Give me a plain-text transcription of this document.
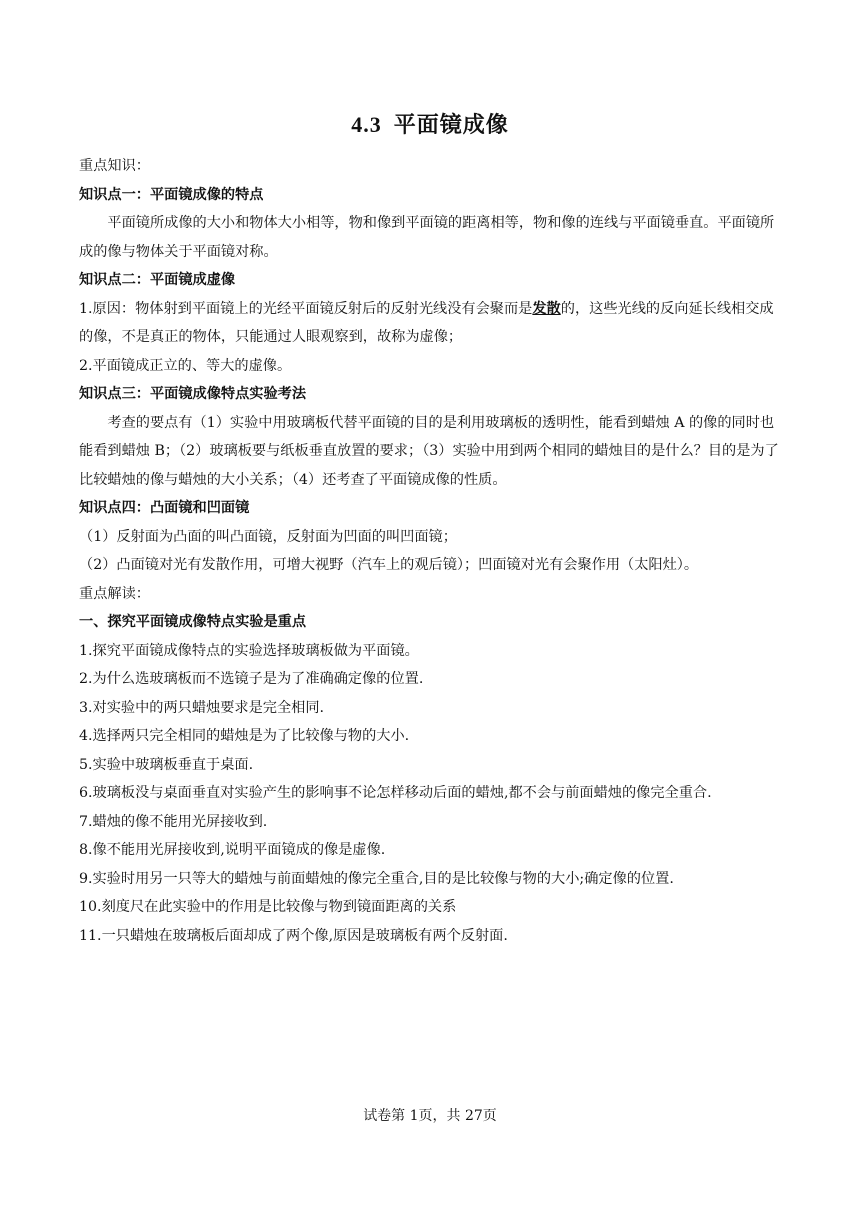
4.3 平面镜成像

重点知识：

知识点一：平面镜成像的特点

平面镜所成像的大小和物体大小相等，物和像到平面镜的距离相等，物和像的连线与平面镜垂直。平面镜所成的像与物体关于平面镜对称。

知识点二：平面镜成虚像

1.原因：物体射到平面镜上的光经平面镜反射后的反射光线没有会聚而是发散的，这些光线的反向延长线相交成的像，不是真正的物体，只能通过人眼观察到，故称为虚像；

2.平面镜成正立的、等大的虚像。

知识点三：平面镜成像特点实验考法

考查的要点有（1）实验中用玻璃板代替平面镜的目的是利用玻璃板的透明性，能看到蜡烛 A 的像的同时也能看到蜡烛 B；（2）玻璃板要与纸板垂直放置的要求；（3）实验中用到两个相同的蜡烛目的是什么？目的是为了比较蜡烛的像与蜡烛的大小关系；（4）还考查了平面镜成像的性质。

知识点四：凸面镜和凹面镜

（1）反射面为凸面的叫凸面镜，反射面为凹面的叫凹面镜；

（2）凸面镜对光有发散作用，可增大视野（汽车上的观后镜）；凹面镜对光有会聚作用（太阳灶）。

重点解读：

一、探究平面镜成像特点实验是重点

1.探究平面镜成像特点的实验选择玻璃板做为平面镜。

2.为什么选玻璃板而不选镜子是为了准确确定像的位置.

3.对实验中的两只蜡烛要求是完全相同.

4.选择两只完全相同的蜡烛是为了比较像与物的大小.

5.实验中玻璃板垂直于桌面.

6.玻璃板没与桌面垂直对实验产生的影响事不论怎样移动后面的蜡烛,都不会与前面蜡烛的像完全重合.

7.蜡烛的像不能用光屏接收到.

8.像不能用光屏接收到,说明平面镜成的像是虚像.

9.实验时用另一只等大的蜡烛与前面蜡烛的像完全重合,目的是比较像与物的大小;确定像的位置.

10.刻度尺在此实验中的作用是比较像与物到镜面距离的关系

11.一只蜡烛在玻璃板后面却成了两个像,原因是玻璃板有两个反射面.

试卷第 1页，共 27页
